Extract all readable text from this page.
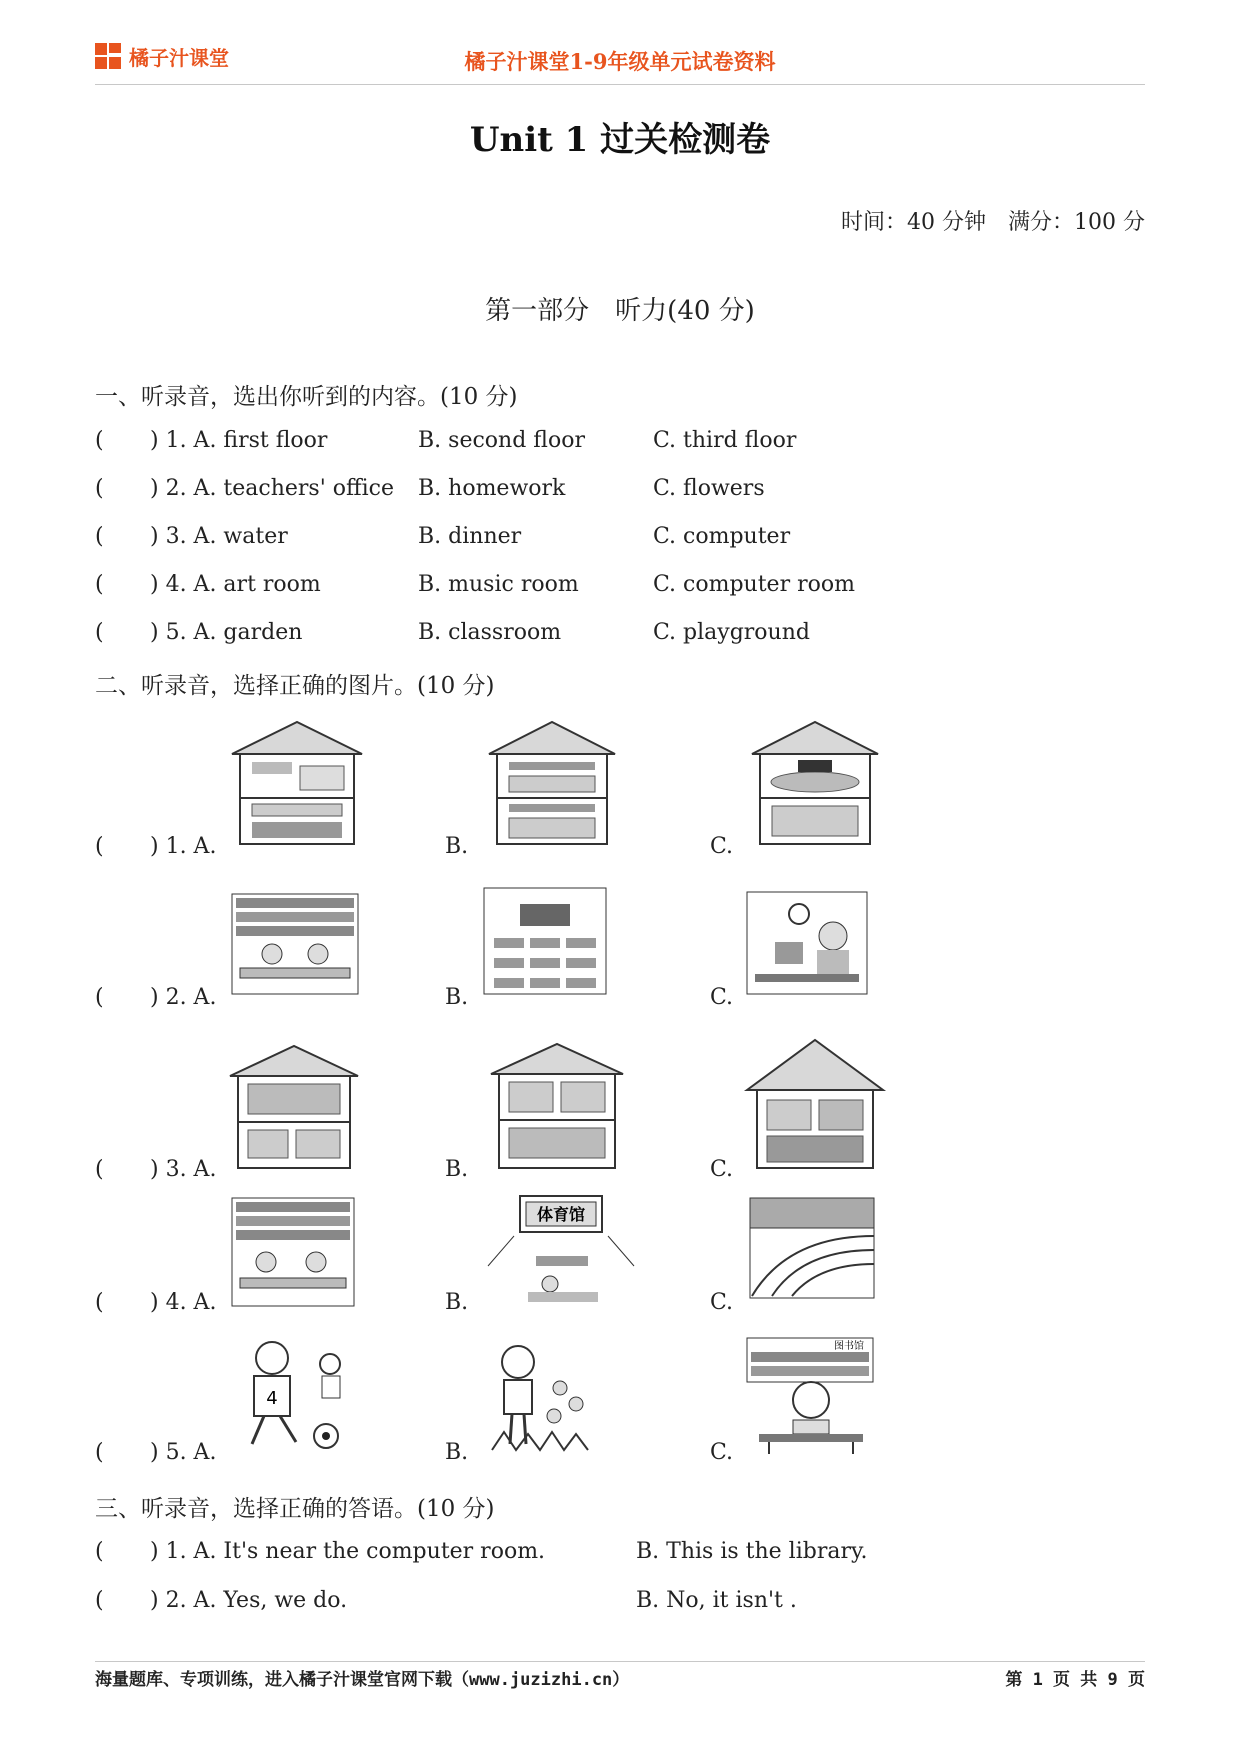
橘子汁课堂	橘子汁课堂1-9年级单元试卷资料
Unit 1 过关检测卷
时间：40 分钟　满分：100 分
第一部分　听力(40 分)
一、听录音，选出你听到的内容。(10 分)
( ) 1. A. first floor	B. second floor	C. third floor
( ) 2. A. teachers' office B. homework	C. flowers
( ) 3. A. water	B. dinner	C. computer
( ) 4. A. art room	B. music room	C. computer room
( ) 5. A. garden	B. classroom	C. playground
二、听录音，选择正确的图片。(10 分)
( ) 1. A.	B.	C.
( ) 2. A.	B.	C.
( ) 3. A.	B.	C.
( ) 4. A.	B.	C.
体育馆
( ) 5. A.	B.	C.
4
图书馆
三、听录音，选择正确的答语。(10 分)
( ) 1. A. It's near the computer room.	B. This is the library.
( ) 2. A. Yes, we do.	B. No, it isn't .
海量题库、专项训练，进入橘子汁课堂官网下载（www.juzizhi.cn）	第 1 页 共 9 页
